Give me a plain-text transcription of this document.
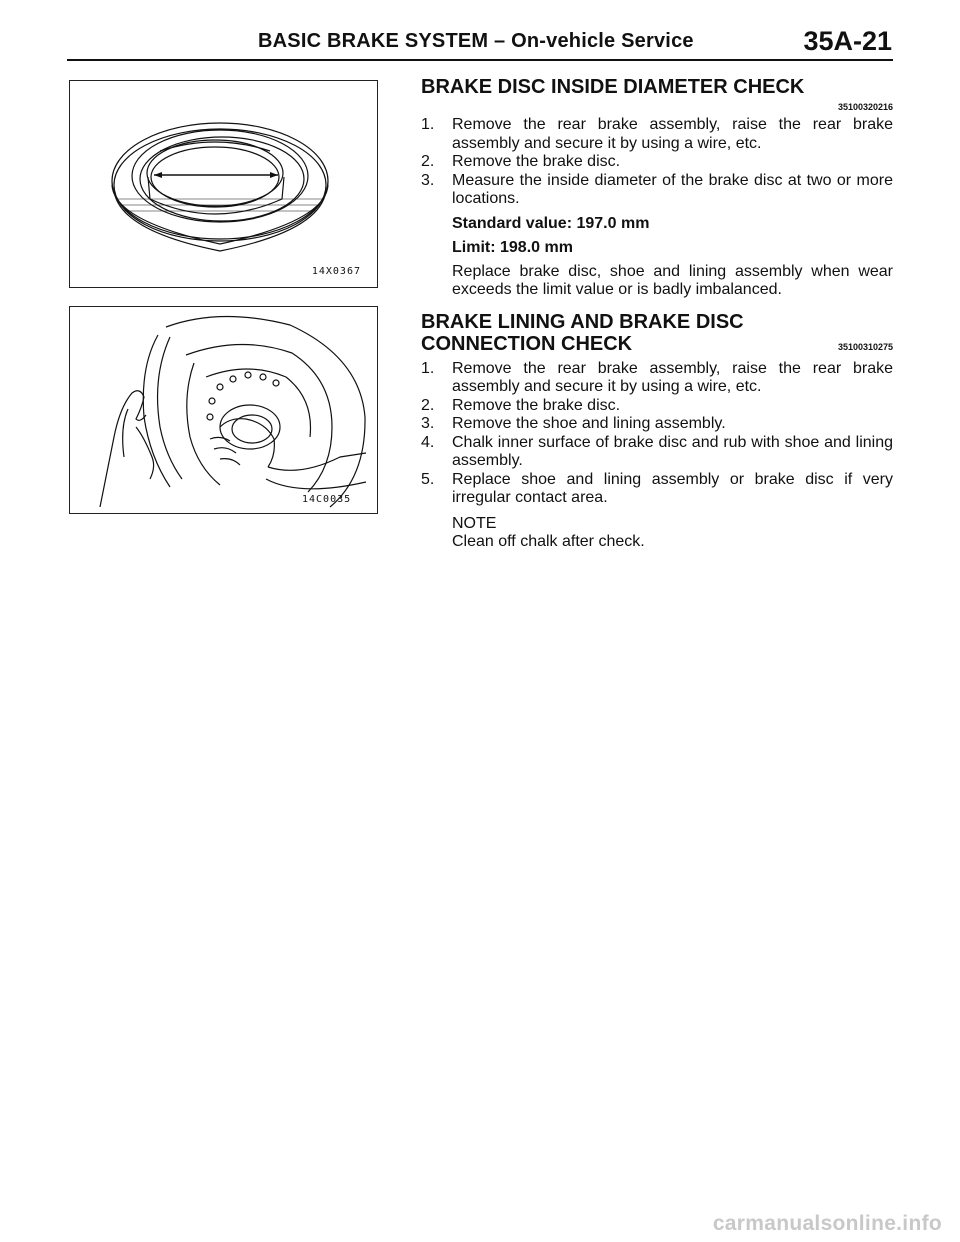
BASIC BRAKE SYSTEM – On-vehicle Service	35A-21
14X0367
14C0035
BRAKE DISC INSIDE DIAMETER CHECK
35100320216
1. Remove the rear brake assembly, raise the rear brake assembly and secure it by using a wire, etc.
2. Remove the brake disc.
3. Measure the inside diameter of the brake disc at two or more locations.
Standard value: 197.0 mm
Limit: 198.0 mm
Replace brake disc, shoe and lining assembly when wear exceeds the limit value or is badly imbalanced.
BRAKE LINING AND BRAKE DISC
CONNECTION CHECK	35100310275
1. Remove the rear brake assembly, raise the rear brake assembly and secure it by using a wire, etc.
2. Remove the brake disc.
3. Remove the shoe and lining assembly.
4. Chalk inner surface of brake disc and rub with shoe and lining assembly.
5. Replace shoe and lining assembly or brake disc if very irregular contact area.
NOTE
Clean off chalk after check.
carmanualsonline.info
